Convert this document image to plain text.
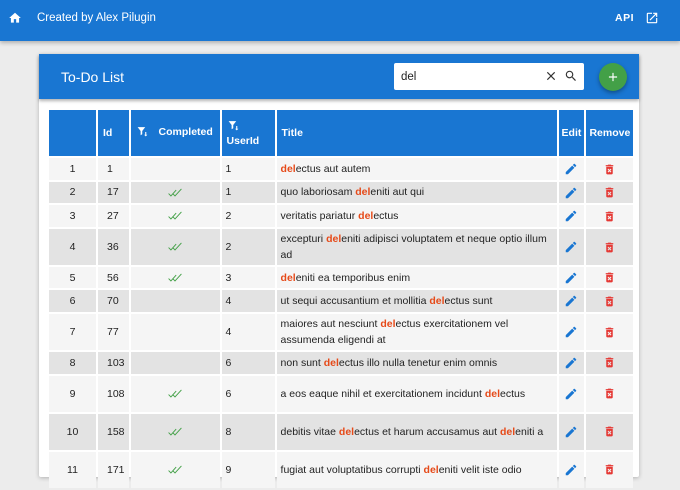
Created by Alex Pilugin	API
To-Do List
del
	Id	Completed	UserId	Title	Edit	Remove
1	1		1	delectus aut autem		
2	17		1	quo laboriosam deleniti aut qui		
3	27		2	veritatis pariatur delectus		
4	36		2	excepturi deleniti adipisci voluptatem et neque optio illum ad		
5	56		3	deleniti ea temporibus enim		
6	70		4	ut sequi accusantium et mollitia delectus sunt		
7	77		4	maiores aut nesciunt delectus exercitationem vel assumenda eligendi at		
8	103		6	non sunt delectus illo nulla tenetur enim omnis		
9	108		6	a eos eaque nihil et exercitationem incidunt delectus		
10	158		8	debitis vitae delectus et harum accusamus aut deleniti a		
11	171		9	fugiat aut voluptatibus corrupti deleniti velit iste odio		
